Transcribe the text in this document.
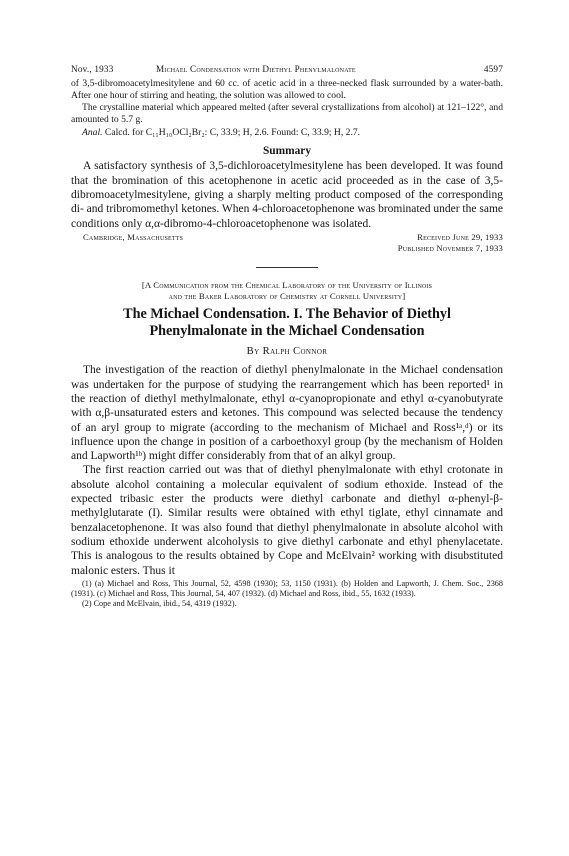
Nov., 1933	Michael Condensation with Diethyl Phenylmalonate	4597

of 3,5-dibromoacetylmesitylene and 60 cc. of acetic acid in a three-necked flask surrounded by a water-bath. After one hour of stirring and heating, the solution was allowed to cool.

The crystalline material which appeared melted (after several crystallizations from alcohol) at 121–122°, and amounted to 5.7 g.

Anal. Calcd. for C₁₁H₁₀OCl₂Br₂: C, 33.9; H, 2.6. Found: C, 33.9; H, 2.7.

Summary

A satisfactory synthesis of 3,5-dichloroacetylmesitylene has been developed. It was found that the bromination of this acetophenone in acetic acid proceeded as in the case of 3,5-dibromoacetylmesitylene, giving a sharply melting product composed of the corresponding di- and tribromomethyl ketones. When 4-chloroacetophenone was brominated under the same conditions only α,α-dibromo-4-chloroacetophenone was isolated.

Cambridge, Massachusetts	Received June 29, 1933
Published November 7, 1933
[A Communication from the Chemical Laboratory of the University of Illinois
and the Baker Laboratory of Chemistry at Cornell University]
The Michael Condensation. I. The Behavior of Diethyl
Phenylmalonate in the Michael Condensation
By Ralph Connor

The investigation of the reaction of diethyl phenylmalonate in the Michael condensation was undertaken for the purpose of studying the rearrangement which has been reported¹ in the reaction of diethyl methylmalonate, ethyl α-cyanopropionate and ethyl α-cyanobutyrate with α,β-unsaturated esters and ketones. This compound was selected because the tendency of an aryl group to migrate (according to the mechanism of Michael and Ross¹ᵃ,ᵈ) or its influence upon the change in position of a carboethoxyl group (by the mechanism of Holden and Lapworth¹ᵇ) might differ considerably from that of an alkyl group.

The first reaction carried out was that of diethyl phenylmalonate with ethyl crotonate in absolute alcohol containing a molecular equivalent of sodium ethoxide. Instead of the expected tribasic ester the products were diethyl carbonate and diethyl α-phenyl-β-methylglutarate (I). Similar results were obtained with ethyl tiglate, ethyl cinnamate and benzalacetophenone. It was also found that diethyl phenylmalonate in absolute alcohol with sodium ethoxide underwent alcoholysis to give diethyl carbonate and ethyl phenylacetate. This is analogous to the results obtained by Cope and McElvain² working with disubstituted malonic esters. Thus it

(1) (a) Michael and Ross, This Journal, 52, 4598 (1930); 53, 1150 (1931). (b) Holden and Lapworth, J. Chem. Soc., 2368 (1931). (c) Michael and Ross, This Journal, 54, 407 (1932). (d) Michael and Ross, ibid., 55, 1632 (1933).

(2) Cope and McElvain, ibid., 54, 4319 (1932).
